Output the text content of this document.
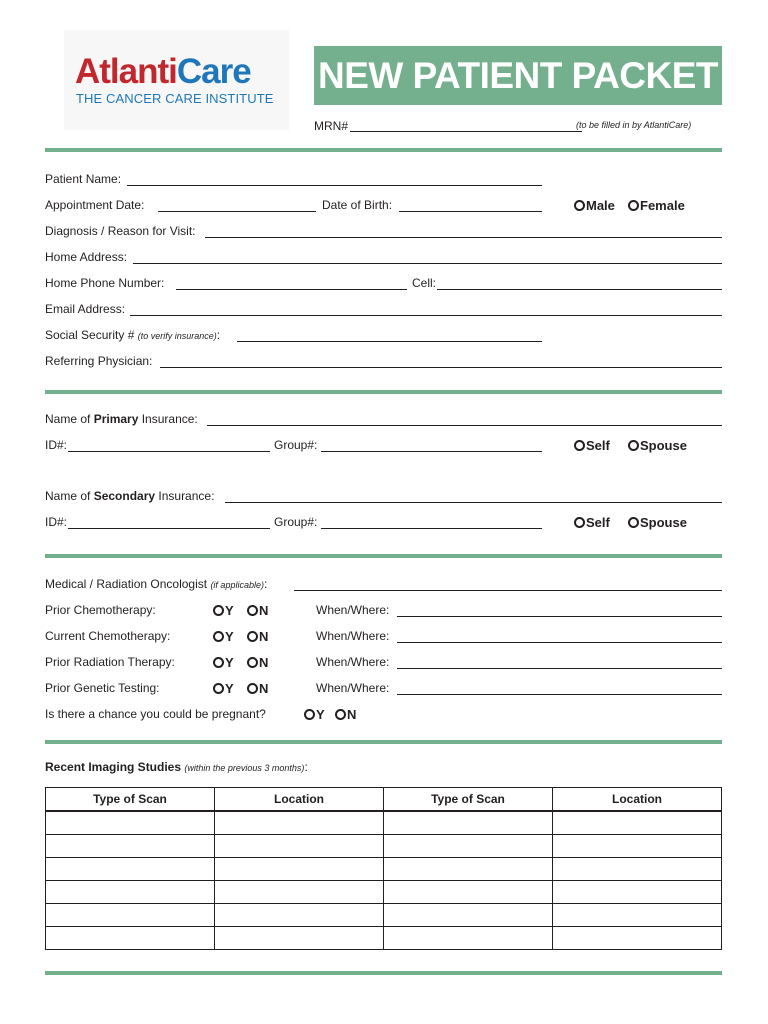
AtlantiCare
THE CANCER CARE INSTITUTE
NEW PATIENT PACKET
MRN#	(to be filled in by AtlantiCare)
Patient Name:
Appointment Date:	Date of Birth:	Male	Female
Diagnosis / Reason for Visit:
Home Address:
Home Phone Number:	Cell:
Email Address:
Social Security # (to verify insurance):
Referring Physician:
Name of Primary Insurance:
ID#:	Group#:	Self	Spouse
Name of Secondary Insurance:
ID#:	Group#:	Self	Spouse
Medical / Radiation Oncologist (if applicable):
Prior Chemotherapy:	Y	N	When/Where:
Current Chemotherapy:	Y	N	When/Where:
Prior Radiation Therapy:	Y	N	When/Where:
Prior Genetic Testing:	Y	N	When/Where:
Is there a chance you could be pregnant?	Y	N
Recent Imaging Studies (within the previous 3 months):
Type of Scan	Location	Type of Scan	Location
